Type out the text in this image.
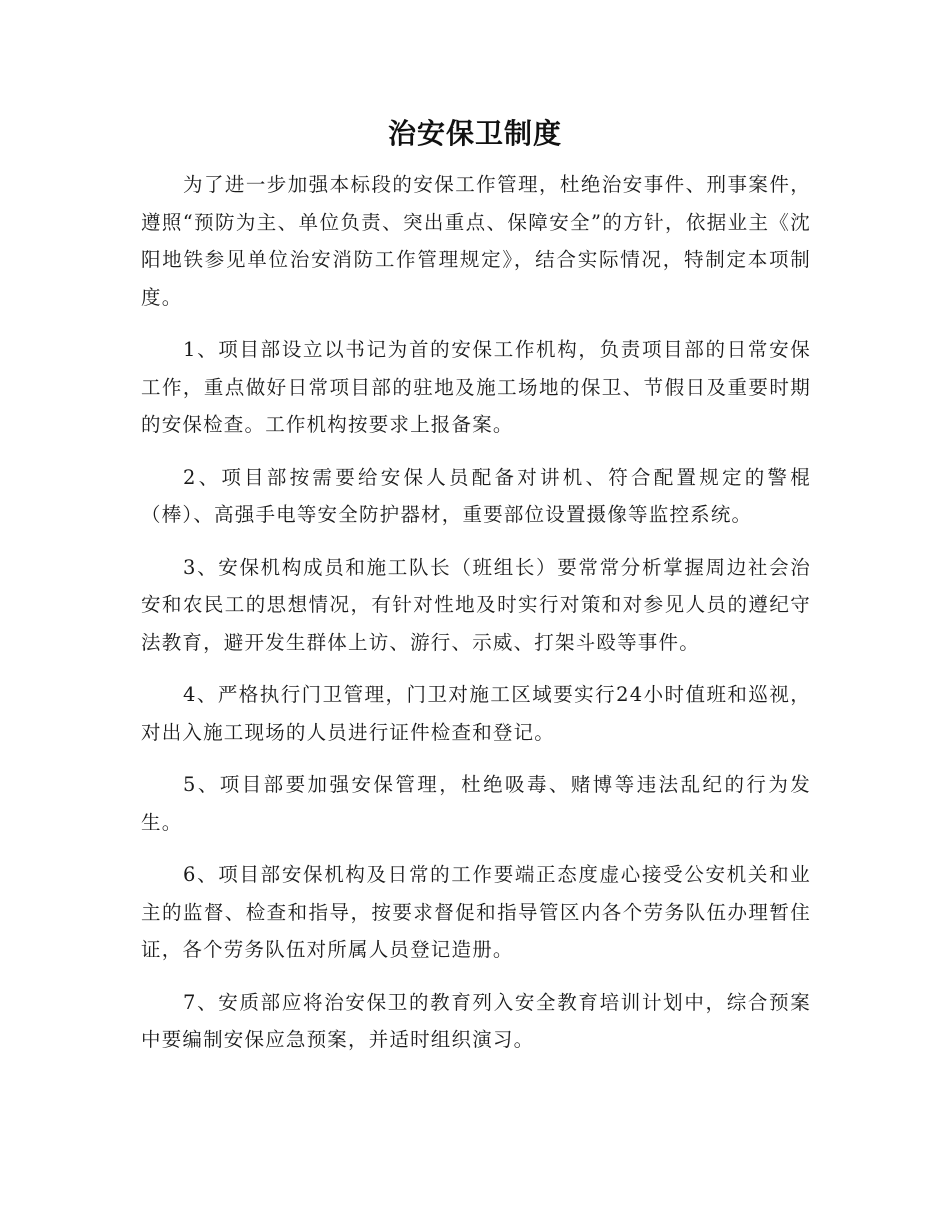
治安保卫制度

为了进一步加强本标段的安保工作管理，杜绝治安事件、刑事案件，遵照“预防为主、单位负责、突出重点、保障安全”的方针，依据业主《沈阳地铁参见单位治安消防工作管理规定》，结合实际情况，特制定本项制度。

1、项目部设立以书记为首的安保工作机构，负责项目部的日常安保工作，重点做好日常项目部的驻地及施工场地的保卫、节假日及重要时期的安保检查。工作机构按要求上报备案。

2、项目部按需要给安保人员配备对讲机、符合配置规定的警棍（棒）、高强手电等安全防护器材，重要部位设置摄像等监控系统。

3、安保机构成员和施工队长（班组长）要常常分析掌握周边社会治安和农民工的思想情况，有针对性地及时实行对策和对参见人员的遵纪守法教育，避开发生群体上访、游行、示威、打架斗殴等事件。

4、严格执行门卫管理，门卫对施工区域要实行24小时值班和巡视，对出入施工现场的人员进行证件检查和登记。

5、项目部要加强安保管理，杜绝吸毒、赌博等违法乱纪的行为发生。

6、项目部安保机构及日常的工作要端正态度虚心接受公安机关和业主的监督、检查和指导，按要求督促和指导管区内各个劳务队伍办理暂住证，各个劳务队伍对所属人员登记造册。

7、安质部应将治安保卫的教育列入安全教育培训计划中，综合预案中要编制安保应急预案，并适时组织演习。
